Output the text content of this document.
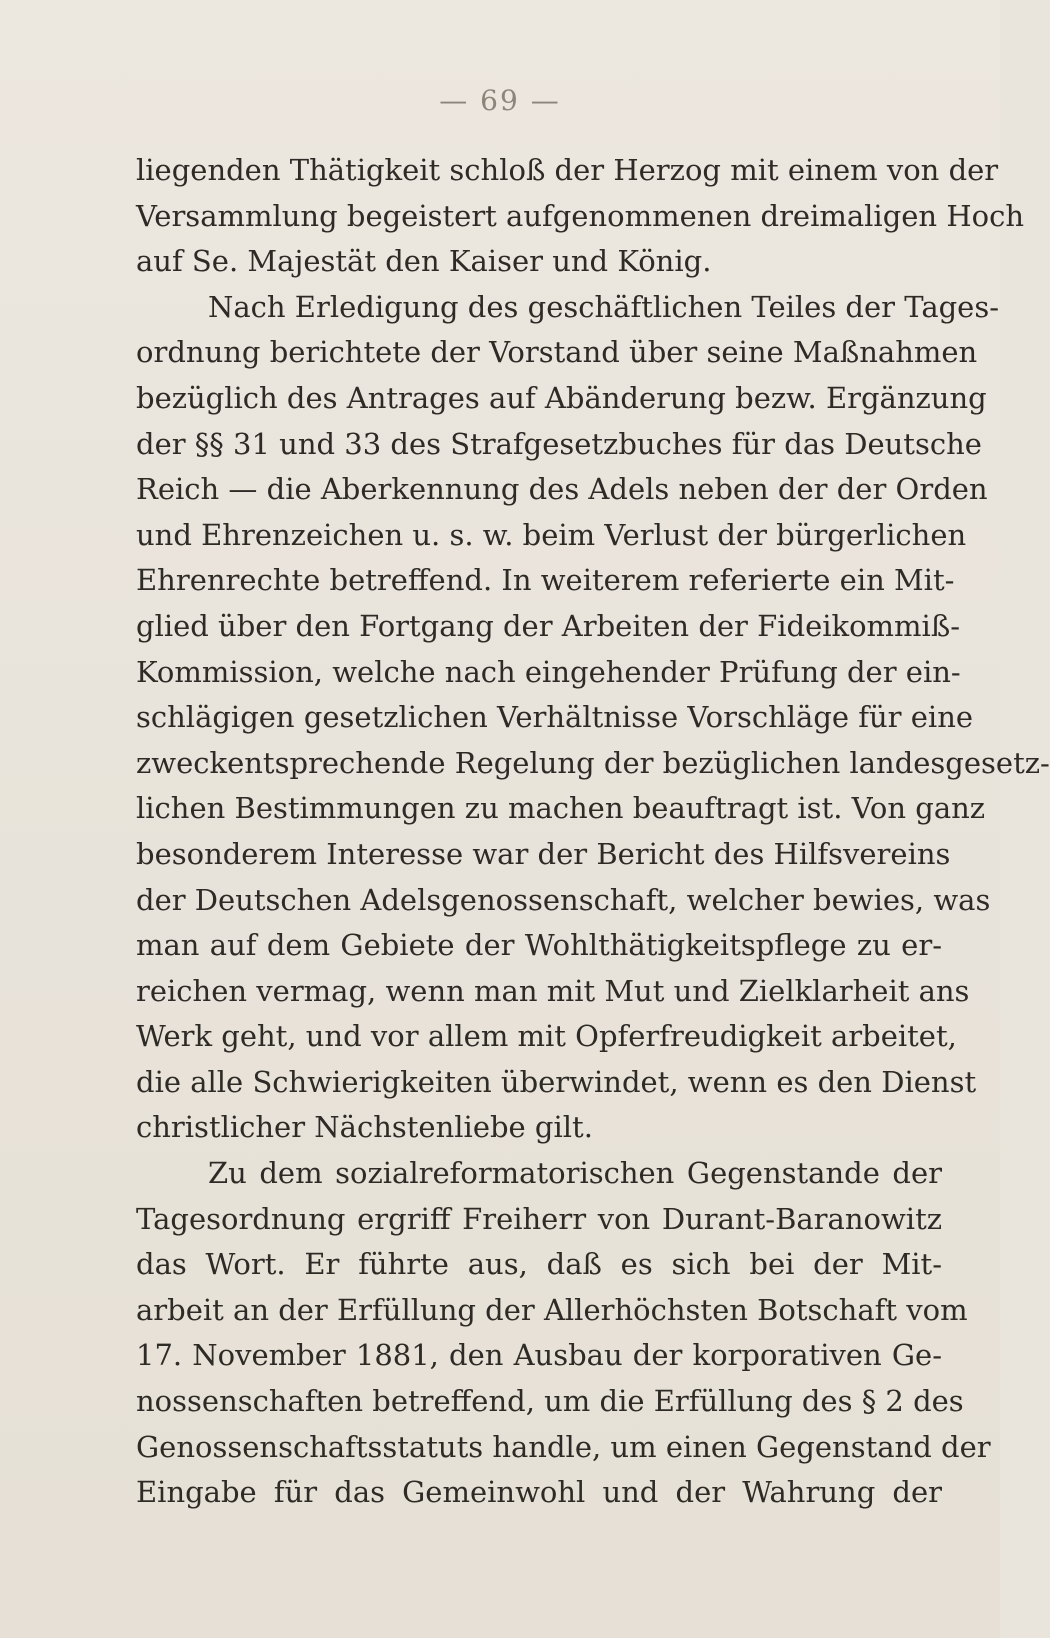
— 69 —
liegenden Thätigkeit schloß der Herzog mit einem von der
Versammlung begeistert aufgenommenen dreimaligen Hoch
auf Se. Majestät den Kaiser und König.
Nach Erledigung des geschäftlichen Teiles der Tages-
ordnung berichtete der Vorstand über seine Maßnahmen
bezüglich des Antrages auf Abänderung bezw. Ergänzung
der §§ 31 und 33 des Strafgesetzbuches für das Deutsche
Reich — die Aberkennung des Adels neben der der Orden
und Ehrenzeichen u. s. w. beim Verlust der bürgerlichen
Ehrenrechte betreffend. In weiterem referierte ein Mit-
glied über den Fortgang der Arbeiten der Fideikommiß-
Kommission, welche nach eingehender Prüfung der ein-
schlägigen gesetzlichen Verhältnisse Vorschläge für eine
zweckentsprechende Regelung der bezüglichen landesgesetz-
lichen Bestimmungen zu machen beauftragt ist. Von ganz
besonderem Interesse war der Bericht des Hilfsvereins
der Deutschen Adelsgenossenschaft, welcher bewies, was
man auf dem Gebiete der Wohlthätigkeitspflege zu er-
reichen vermag, wenn man mit Mut und Zielklarheit ans
Werk geht, und vor allem mit Opferfreudigkeit arbeitet,
die alle Schwierigkeiten überwindet, wenn es den Dienst
christlicher Nächstenliebe gilt.
Zu dem sozialreformatorischen Gegenstande der
Tagesordnung ergriff Freiherr von Durant-Baranowitz
das Wort. Er führte aus, daß es sich bei der Mit-
arbeit an der Erfüllung der Allerhöchsten Botschaft vom
17. November 1881, den Ausbau der korporativen Ge-
nossenschaften betreffend, um die Erfüllung des § 2 des
Genossenschaftsstatuts handle, um einen Gegenstand der
Eingabe für das Gemeinwohl und der Wahrung der
